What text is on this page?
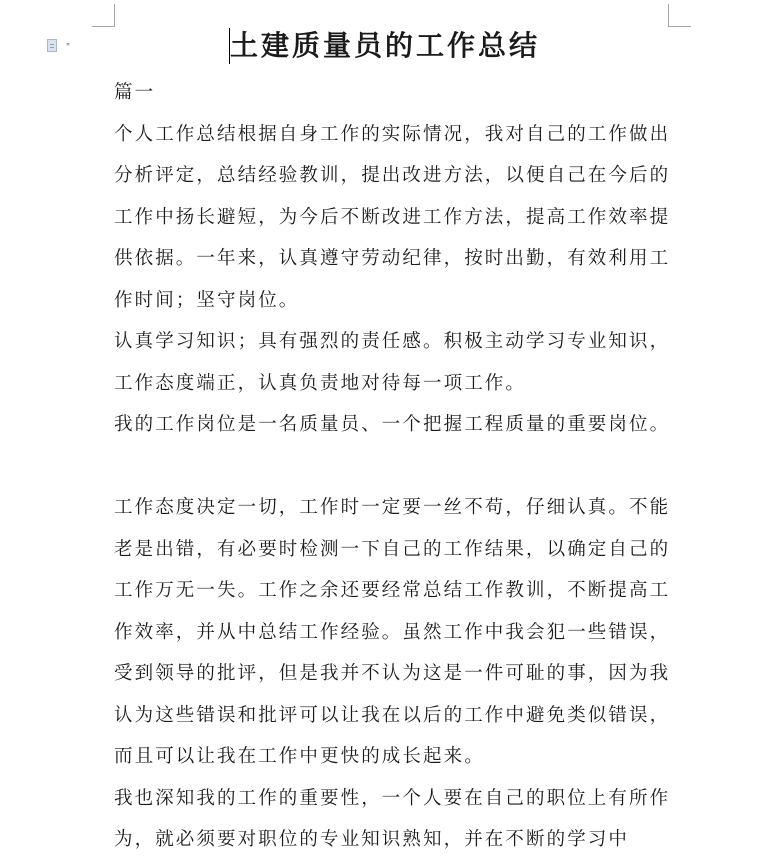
土建质量员的工作总结

篇一

个人工作总结根据自身工作的实际情况，我对自己的工作做出分析评定，总结经验教训，提出改进方法，以便自己在今后的工作中扬长避短，为今后不断改进工作方法，提高工作效率提供依据。一年来，认真遵守劳动纪律，按时出勤，有效利用工作时间；坚守岗位。

认真学习知识；具有强烈的责任感。积极主动学习专业知识，工作态度端正，认真负责地对待每一项工作。

我的工作岗位是一名质量员、一个把握工程质量的重要岗位。

工作态度决定一切，工作时一定要一丝不苟，仔细认真。不能老是出错，有必要时检测一下自己的工作结果，以确定自己的工作万无一失。工作之余还要经常总结工作教训，不断提高工作效率，并从中总结工作经验。虽然工作中我会犯一些错误，受到领导的批评，但是我并不认为这是一件可耻的事，因为我认为这些错误和批评可以让我在以后的工作中避免类似错误，而且可以让我在工作中更快的成长起来。

我也深知我的工作的重要性，一个人要在自己的职位上有所作为，就必须要对职位的专业知识熟知，并在不断的学习中
